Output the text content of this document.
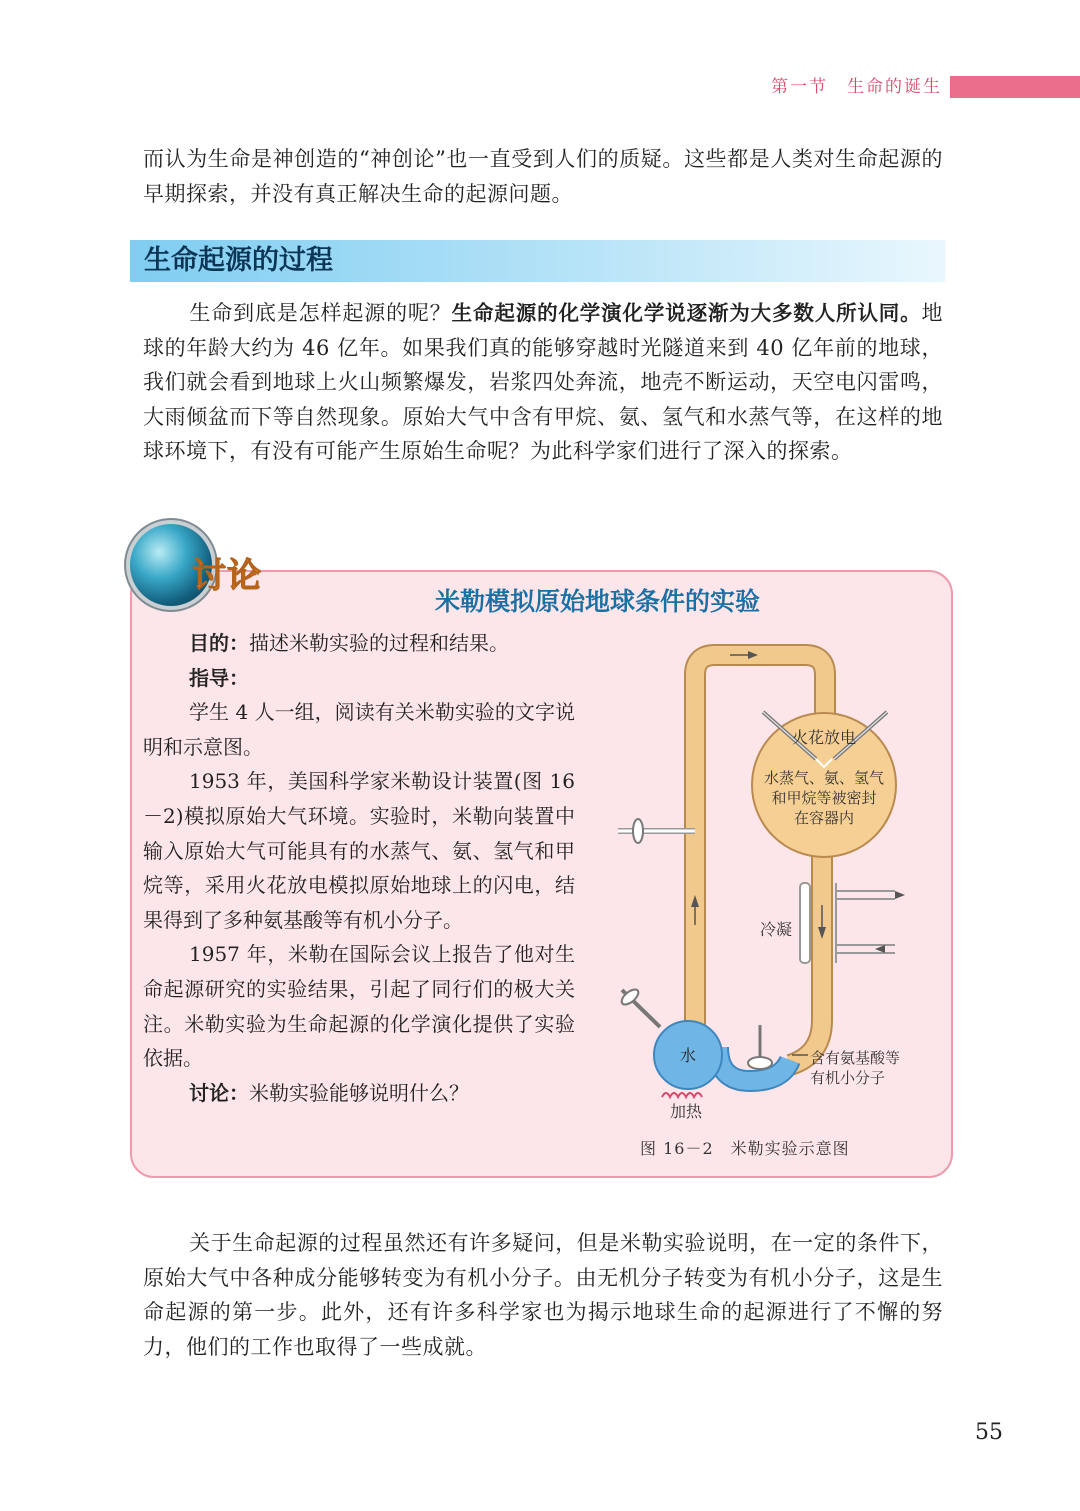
第一节　 生命的诞生
而认为生命是神创造的“神创论”也一直受到人们的质疑。这些都是人类对生命起源的早期探索，并没有真正解决生命的起源问题。
生命起源的过程
生命到底是怎样起源的呢？生命起源的化学演化学说逐渐为大多数人所认同。地球的年龄大约为 46 亿年。如果我们真的能够穿越时光隧道来到 40 亿年前的地球，我们就会看到地球上火山频繁爆发，岩浆四处奔流，地壳不断运动，天空电闪雷鸣，大雨倾盆而下等自然现象。原始大气中含有甲烷、氨、氢气和水蒸气等，在这样的地球环境下，有没有可能产生原始生命呢？为此科学家们进行了深入的探索。
讨论
米勒模拟原始地球条件的实验
目的：描述米勒实验的过程和结果。
指导：
学生 4 人一组，阅读有关米勒实验的文字说明和示意图。
1953 年，美国科学家米勒设计装置(图 16－2)模拟原始大气环境。实验时，米勒向装置中输入原始大气可能具有的水蒸气、氨、氢气和甲烷等，采用火花放电模拟原始地球上的闪电，结果得到了多种氨基酸等有机小分子。
1957 年，米勒在国际会议上报告了他对生命起源研究的实验结果，引起了同行们的极大关注。米勒实验为生命起源的化学演化提供了实验依据。
讨论：米勒实验能够说明什么？
火花放电
水蒸气、氨、氢气
和甲烷等被密封
在容器内
冷凝
水
加热
含有氨基酸等
有机小分子
图 16－2　米勒实验示意图
关于生命起源的过程虽然还有许多疑问，但是米勒实验说明，在一定的条件下，原始大气中各种成分能够转变为有机小分子。由无机分子转变为有机小分子，这是生命起源的第一步。此外，还有许多科学家也为揭示地球生命的起源进行了不懈的努力，他们的工作也取得了一些成就。
55
